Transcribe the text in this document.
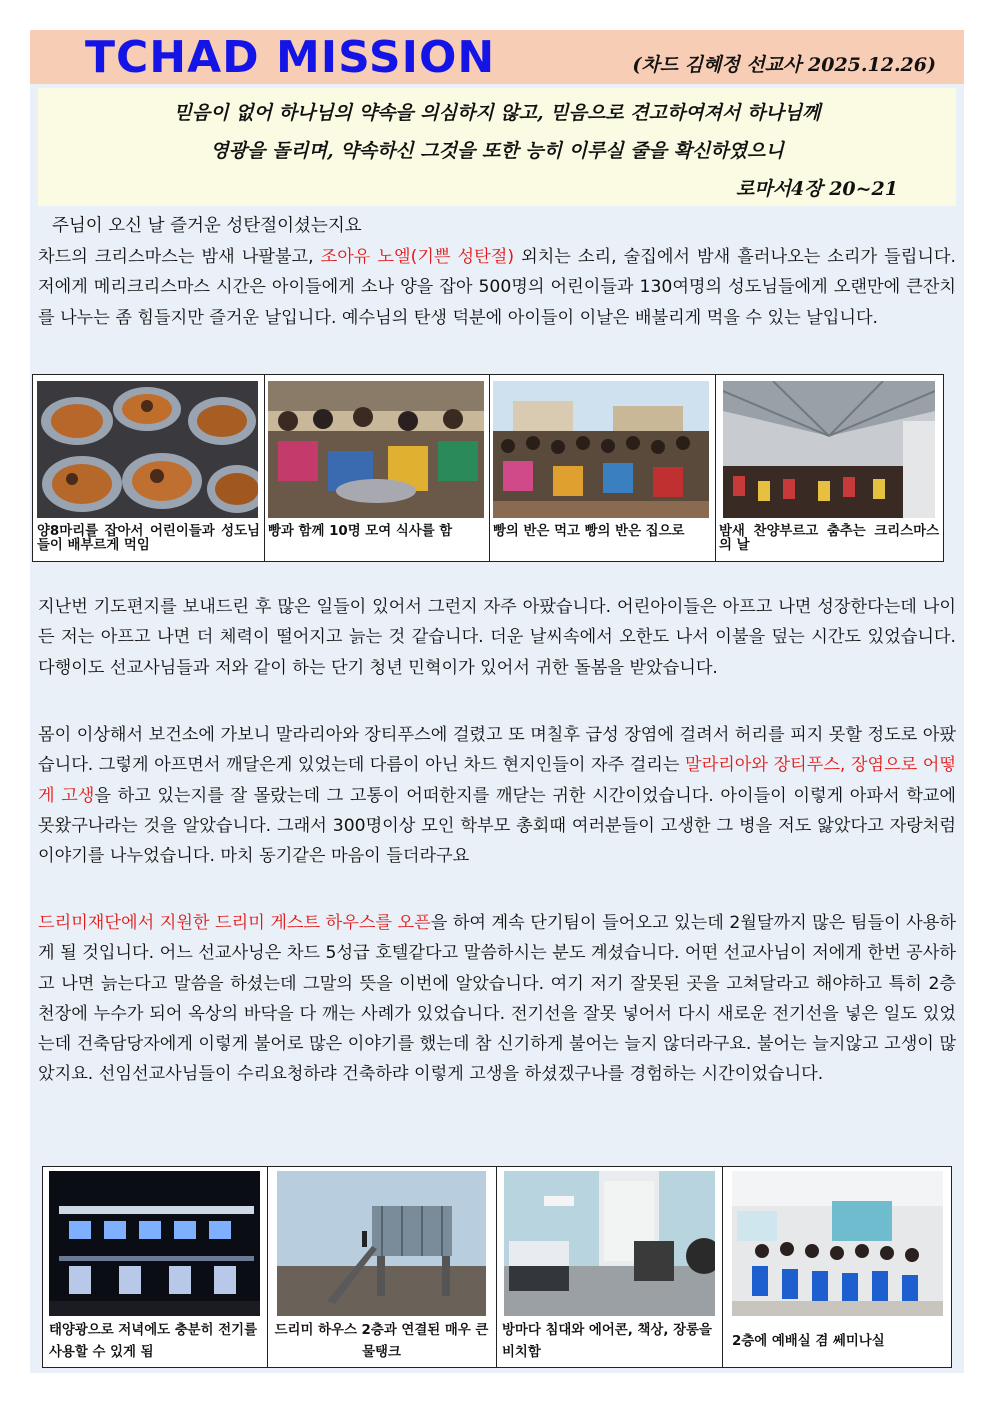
TCHAD MISSION	(차드 김혜정 선교사 2025.12.26)
믿음이 없어 하나님의 약속을 의심하지 않고, 믿음으로 견고하여져서 하나님께
영광을 돌리며, 약속하신 그것을 또한 능히 이루실 줄을 확신하였으니
로마서4장 20~21
주님이 오신 날 즐거운 성탄절이셨는지요
차드의 크리스마스는 밤새 나팔불고, 조아유 노엘(기쁜 성탄절) 외치는 소리, 술집에서 밤새 흘러나오는 소리가 들립니다. 저에게 메리크리스마스 시간은 아이들에게 소나 양을 잡아 500명의 어린이들과 130여명의 성도님들에게 오랜만에 큰잔치를 나누는 좀 힘들지만 즐거운 날입니다. 예수님의 탄생 덕분에 아이들이 이날은 배불리게 먹을 수 있는 날입니다.
양8마리를 잡아서 어린이들과 성도님들이 배부르게 먹임
빵과 함께 10명 모여 식사를 함	빵의 반은 먹고 빵의 반은 집으로	밤새 찬양부르고 춤추는 크리스마스의 날
지난번 기도편지를 보내드린 후 많은 일들이 있어서 그런지 자주 아팠습니다. 어린아이들은 아프고 나면 성장한다는데 나이든 저는 아프고 나면 더 체력이 떨어지고 늙는 것 같습니다. 더운 날씨속에서 오한도 나서 이불을 덮는 시간도 있었습니다. 다행이도 선교사님들과 저와 같이 하는 단기 청년 민혁이가 있어서 귀한 돌봄을 받았습니다.
몸이 이상해서 보건소에 가보니 말라리아와 장티푸스에 걸렸고 또 며칠후 급성 장염에 걸려서 허리를 피지 못할 정도로 아팠습니다. 그렇게 아프면서 깨달은게 있었는데 다름이 아닌 차드 현지인들이 자주 걸리는 말라리아와 장티푸스, 장염으로 어떻게 고생을 하고 있는지를 잘 몰랐는데 그 고통이 어떠한지를 깨닫는 귀한 시간이었습니다. 아이들이 이렇게 아파서 학교에 못왔구나라는 것을 알았습니다. 그래서 300명이상 모인 학부모 총회때 여러분들이 고생한 그 병을 저도 앓았다고 자랑처럼 이야기를 나누었습니다. 마치 동기같은 마음이 들더라구요
드리미재단에서 지원한 드리미 게스트 하우스를 오픈을 하여 계속 단기팀이 들어오고 있는데 2월달까지 많은 팀들이 사용하게 될 것입니다. 어느 선교사닝은 차드 5성급 호텔같다고 말씀하시는 분도 계셨습니다. 어떤 선교사님이 저에게 한번 공사하고 나면 늙는다고 말씀을 하셨는데 그말의 뜻을 이번에 알았습니다. 여기 저기 잘못된 곳을 고쳐달라고 해야하고 특히 2층 천장에 누수가 되어 옥상의 바닥을 다 깨는 사례가 있었습니다. 전기선을 잘못 넣어서 다시 새로운 전기선을 넣은 일도 있었는데 건축담당자에게 이렇게 불어로 많은 이야기를 했는데 참 신기하게 불어는 늘지 않더라구요. 불어는 늘지않고 고생이 많았지요. 선임선교사님들이 수리요청하랴 건축하랴 이렇게 고생을 하셨겠구나를 경험하는 시간이었습니다.
태양광으로 저녁에도 충분히 전기를 사용할 수 있게 됨
드리미 하우스 2층과 연결된 매우 큰 물탱크
방마다 침대와 에어콘, 책상, 장롱을 비치함
2층에 예배실 겸 쎄미나실
